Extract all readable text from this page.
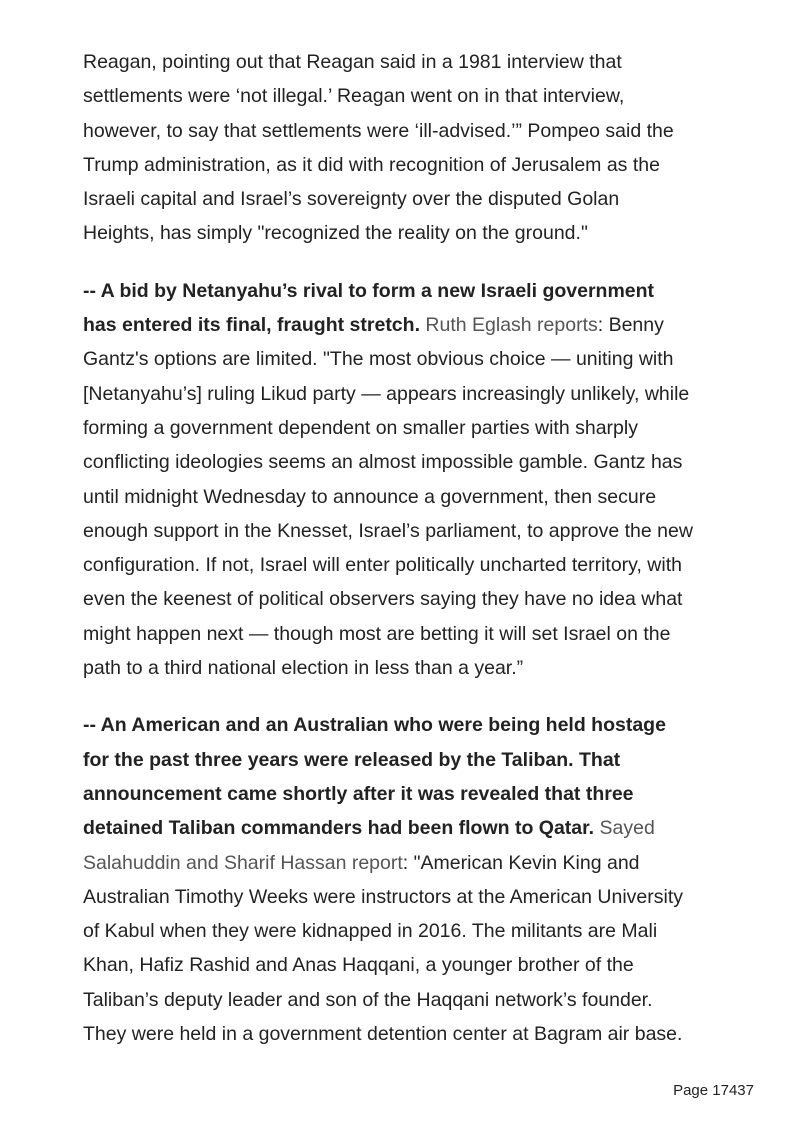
Reagan, pointing out that Reagan said in a 1981 interview that
settlements were ‘not illegal.’ Reagan went on in that interview,
however, to say that settlements were ‘ill-advised.’” Pompeo said the
Trump administration, as it did with recognition of Jerusalem as the
Israeli capital and Israel’s sovereignty over the disputed Golan
Heights, has simply "recognized the reality on the ground."

-- A bid by Netanyahu’s rival to form a new Israeli government
has entered its final, fraught stretch. Ruth Eglash reports: Benny
Gantz's options are limited. "The most obvious choice — uniting with
[Netanyahu’s] ruling Likud party — appears increasingly unlikely, while
forming a government dependent on smaller parties with sharply
conflicting ideologies seems an almost impossible gamble. Gantz has
until midnight Wednesday to announce a government, then secure
enough support in the Knesset, Israel’s parliament, to approve the new
configuration. If not, Israel will enter politically uncharted territory, with
even the keenest of political observers saying they have no idea what
might happen next — though most are betting it will set Israel on the
path to a third national election in less than a year.”

-- An American and an Australian who were being held hostage
for the past three years were released by the Taliban. That
announcement came shortly after it was revealed that three
detained Taliban commanders had been flown to Qatar. Sayed
Salahuddin and Sharif Hassan report: "American Kevin King and
Australian Timothy Weeks were instructors at the American University
of Kabul when they were kidnapped in 2016. The militants are Mali
Khan, Hafiz Rashid and Anas Haqqani, a younger brother of the
Taliban’s deputy leader and son of the Haqqani network’s founder.
They were held in a government detention center at Bagram air base.

Page 17437
